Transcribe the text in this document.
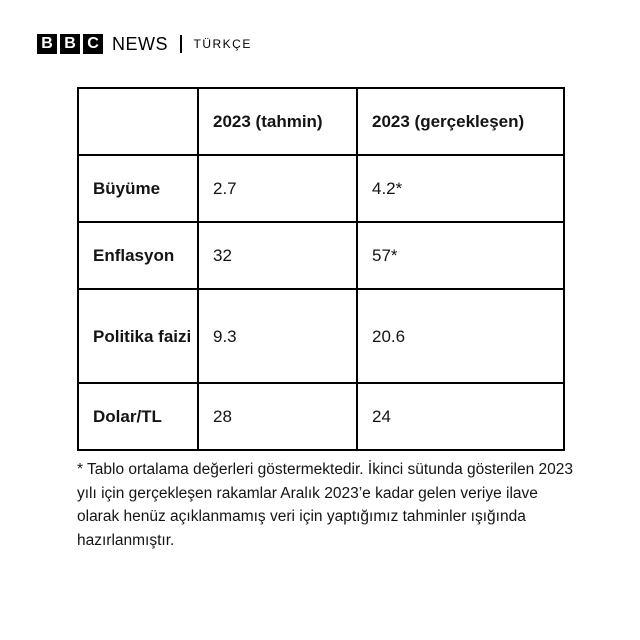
B B C NEWS TÜRKÇE
	2023 (tahmin)	2023 (gerçekleşen)
Büyüme	2.7	4.2*
Enflasyon	32	57*
Politika faizi	9.3	20.6
Dolar/TL	28	24

* Tablo ortalama değerleri göstermektedir. İkinci sütunda gösterilen 2023 yılı için gerçekleşen rakamlar Aralık 2023’e kadar gelen veriye ilave olarak henüz açıklanmamış veri için yaptığımız tahminler ışığında hazırlanmıştır.
